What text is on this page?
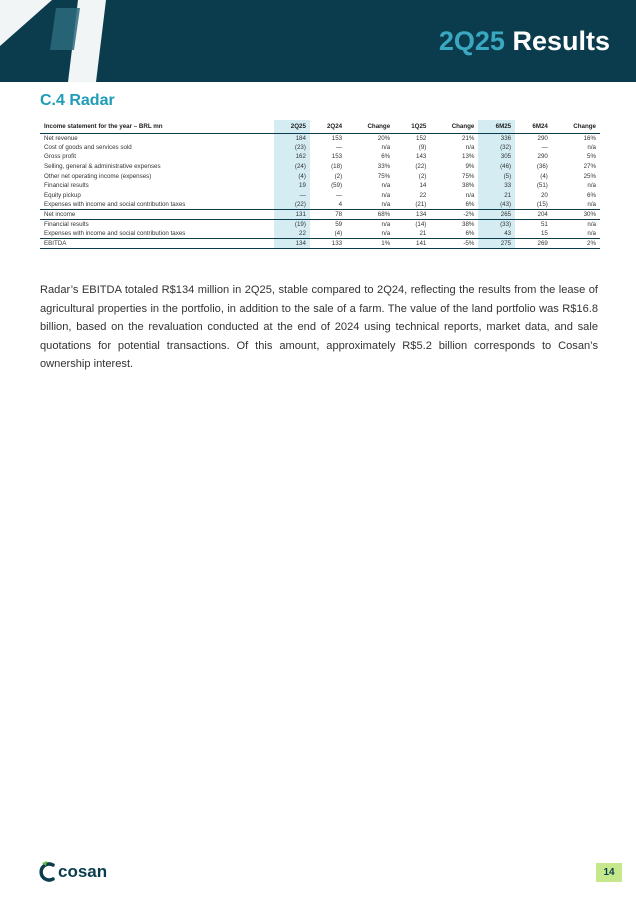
2Q25 Results
C.4 Radar
Income statement for the year – BRL mn	2Q25	2Q24	Change	1Q25	Change	6M25	6M24	Change
Net revenue	184	153	20%	152	21%	336	290	16%
Cost of goods and services sold	(23)	—	n/a	(9)	n/a	(32)	—	n/a
Gross profit	162	153	6%	143	13%	305	290	5%
Selling, general & administrative expenses	(24)	(18)	33%	(22)	9%	(46)	(36)	27%
Other net operating income (expenses)	(4)	(2)	75%	(2)	75%	(5)	(4)	25%
Financial results	19	(59)	n/a	14	38%	33	(51)	n/a
Equity pickup	—	—	n/a	22	n/a	21	20	6%
Expenses with income and social contribution taxes	(22)	4	n/a	(21)	6%	(43)	(15)	n/a
Net income	131	78	68%	134	-2%	265	204	30%
Financial results	(19)	59	n/a	(14)	38%	(33)	51	n/a
Expenses with income and social contribution taxes	22	(4)	n/a	21	6%	43	15	n/a
EBITDA	134	133	1%	141	-5%	275	269	2%

Radar’s EBITDA totaled R$134 million in 2Q25, stable compared to 2Q24, reflecting the results from the lease of agricultural properties in the portfolio, in addition to the sale of a farm. The value of the land portfolio was R$16.8 billion, based on the revaluation conducted at the end of 2024 using technical reports, market data, and sale quotations for potential transactions. Of this amount, approximately R$5.2 billion corresponds to Cosan’s ownership interest.

cosan	14
